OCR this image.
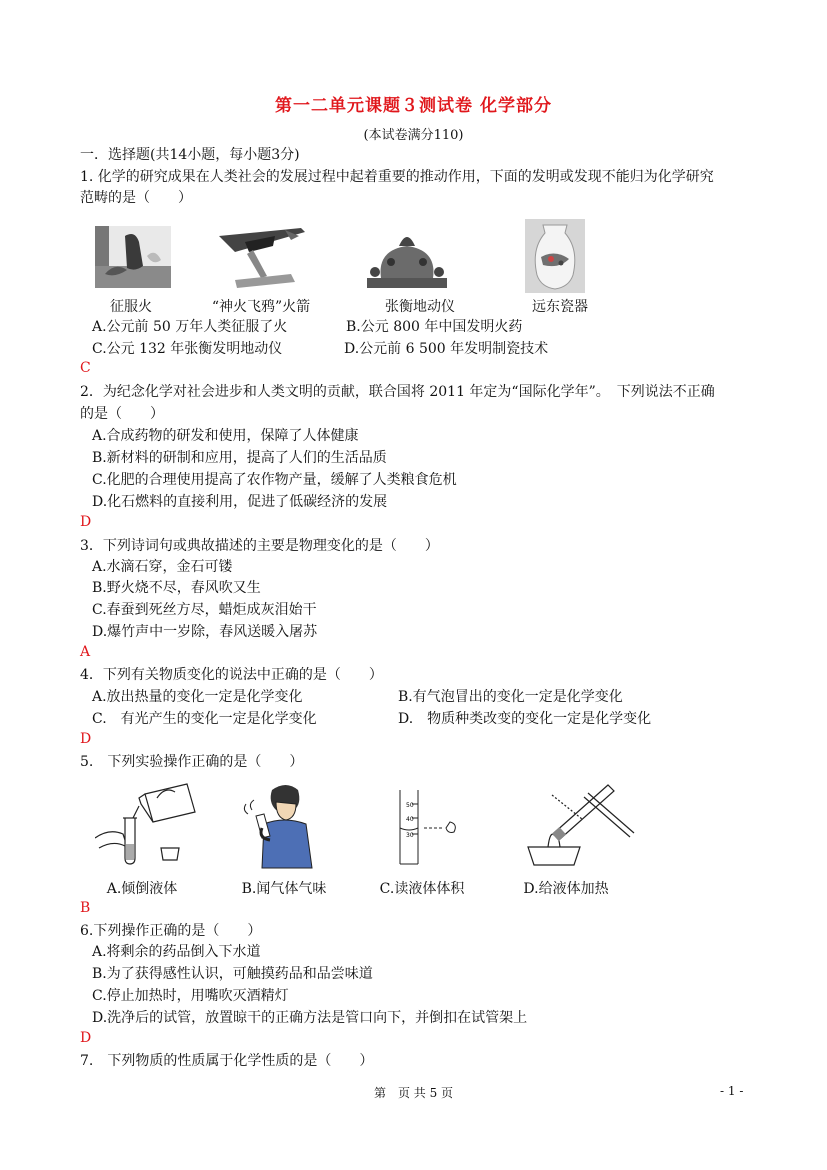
第一二单元课题３测试卷 化学部分
(本试卷满分110)
一．选择题(共14小题，每小题3分)
1. 化学的研究成果在人类社会的发展过程中起着重要的推动作用，下面的发明或发现不能归为化学研究
范畴的是（　　）
征服火	“神火飞鸦”火箭	张衡地动仪	远东瓷器
A.公元前 50 万年人类征服了火	B.公元 800 年中国发明火药
C.公元 132 年张衡发明地动仪	D.公元前 6 500 年发明制瓷技术
C
2．为纪念化学对社会进步和人类文明的贡献，联合国将 2011 年定为“国际化学年”。　下列说法不正确
的是（　　）
A.合成药物的研发和使用，保障了人体健康
B.新材料的研制和应用，提高了人们的生活品质
C.化肥的合理使用提高了农作物产量，缓解了人类粮食危机
D.化石燃料的直接利用，促进了低碳经济的发展
D
3．下列诗词句或典故描述的主要是物理变化的是（　　）
A.水滴石穿，金石可镂
B.野火烧不尽，春风吹又生
C.春蚕到死丝方尽，蜡炬成灰泪始干
D.爆竹声中一岁除，春风送暖入屠苏
A
4．下列有关物质变化的说法中正确的是（　　）
A.放出热量的变化一定是化学变化	B.有气泡冒出的变化一定是化学变化
C.　有光产生的变化一定是化学变化	D.　物质种类改变的变化一定是化学变化
D
5.　下列实验操作正确的是（　　）
50
40
30
A.倾倒液体	B.闻气体气味	C.读液体体积	D.给液体加热
B
6.下列操作正确的是（　　）
A.将剩余的药品倒入下水道
B.为了获得感性认识，可触摸药品和品尝味道
C.停止加热时，用嘴吹灭酒精灯
D.洗净后的试管，放置晾干的正确方法是管口向下，并倒扣在试管架上
D
7.　下列物质的性质属于化学性质的是（　　）
第　页 共 5 页	- 1 -
